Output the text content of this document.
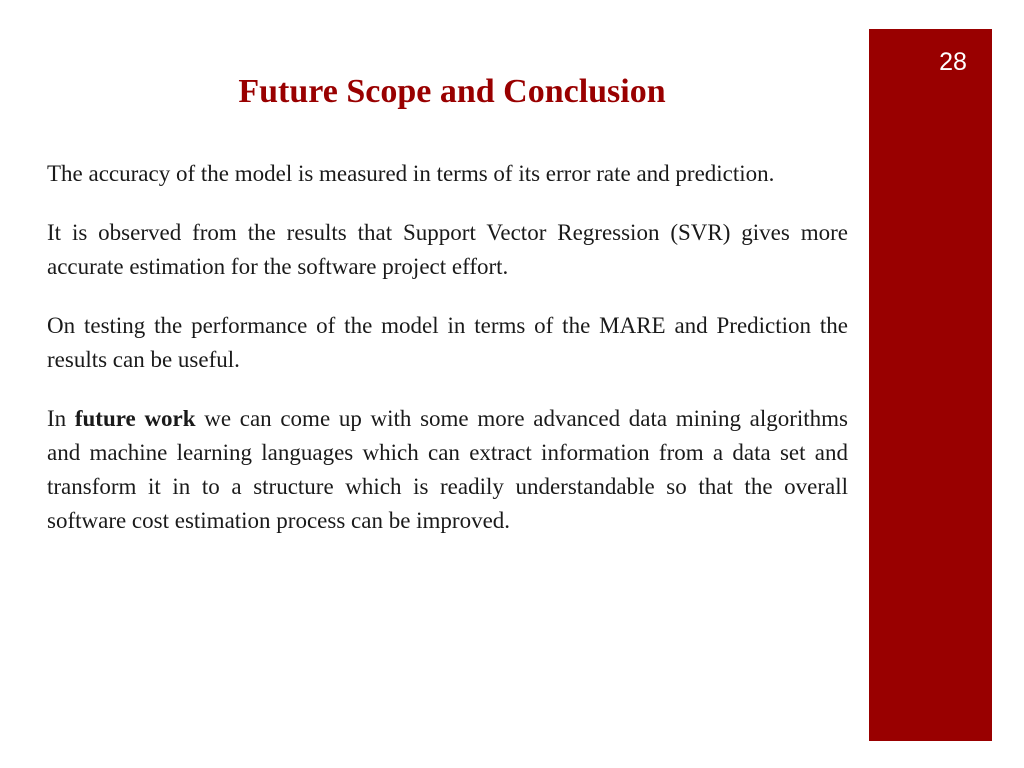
28
Future Scope and Conclusion

The accuracy of the model is measured in terms of its error rate and prediction.

It is observed from the results that Support Vector Regression (SVR) gives more accurate estimation for the software project effort.

On testing the performance of the model in terms of the MARE and Prediction the results can be useful.

In future work we can come up with some more advanced data mining algorithms and machine learning languages which can extract information from a data set and transform it in to a structure which is readily understandable so that the overall software cost estimation process can be improved.
